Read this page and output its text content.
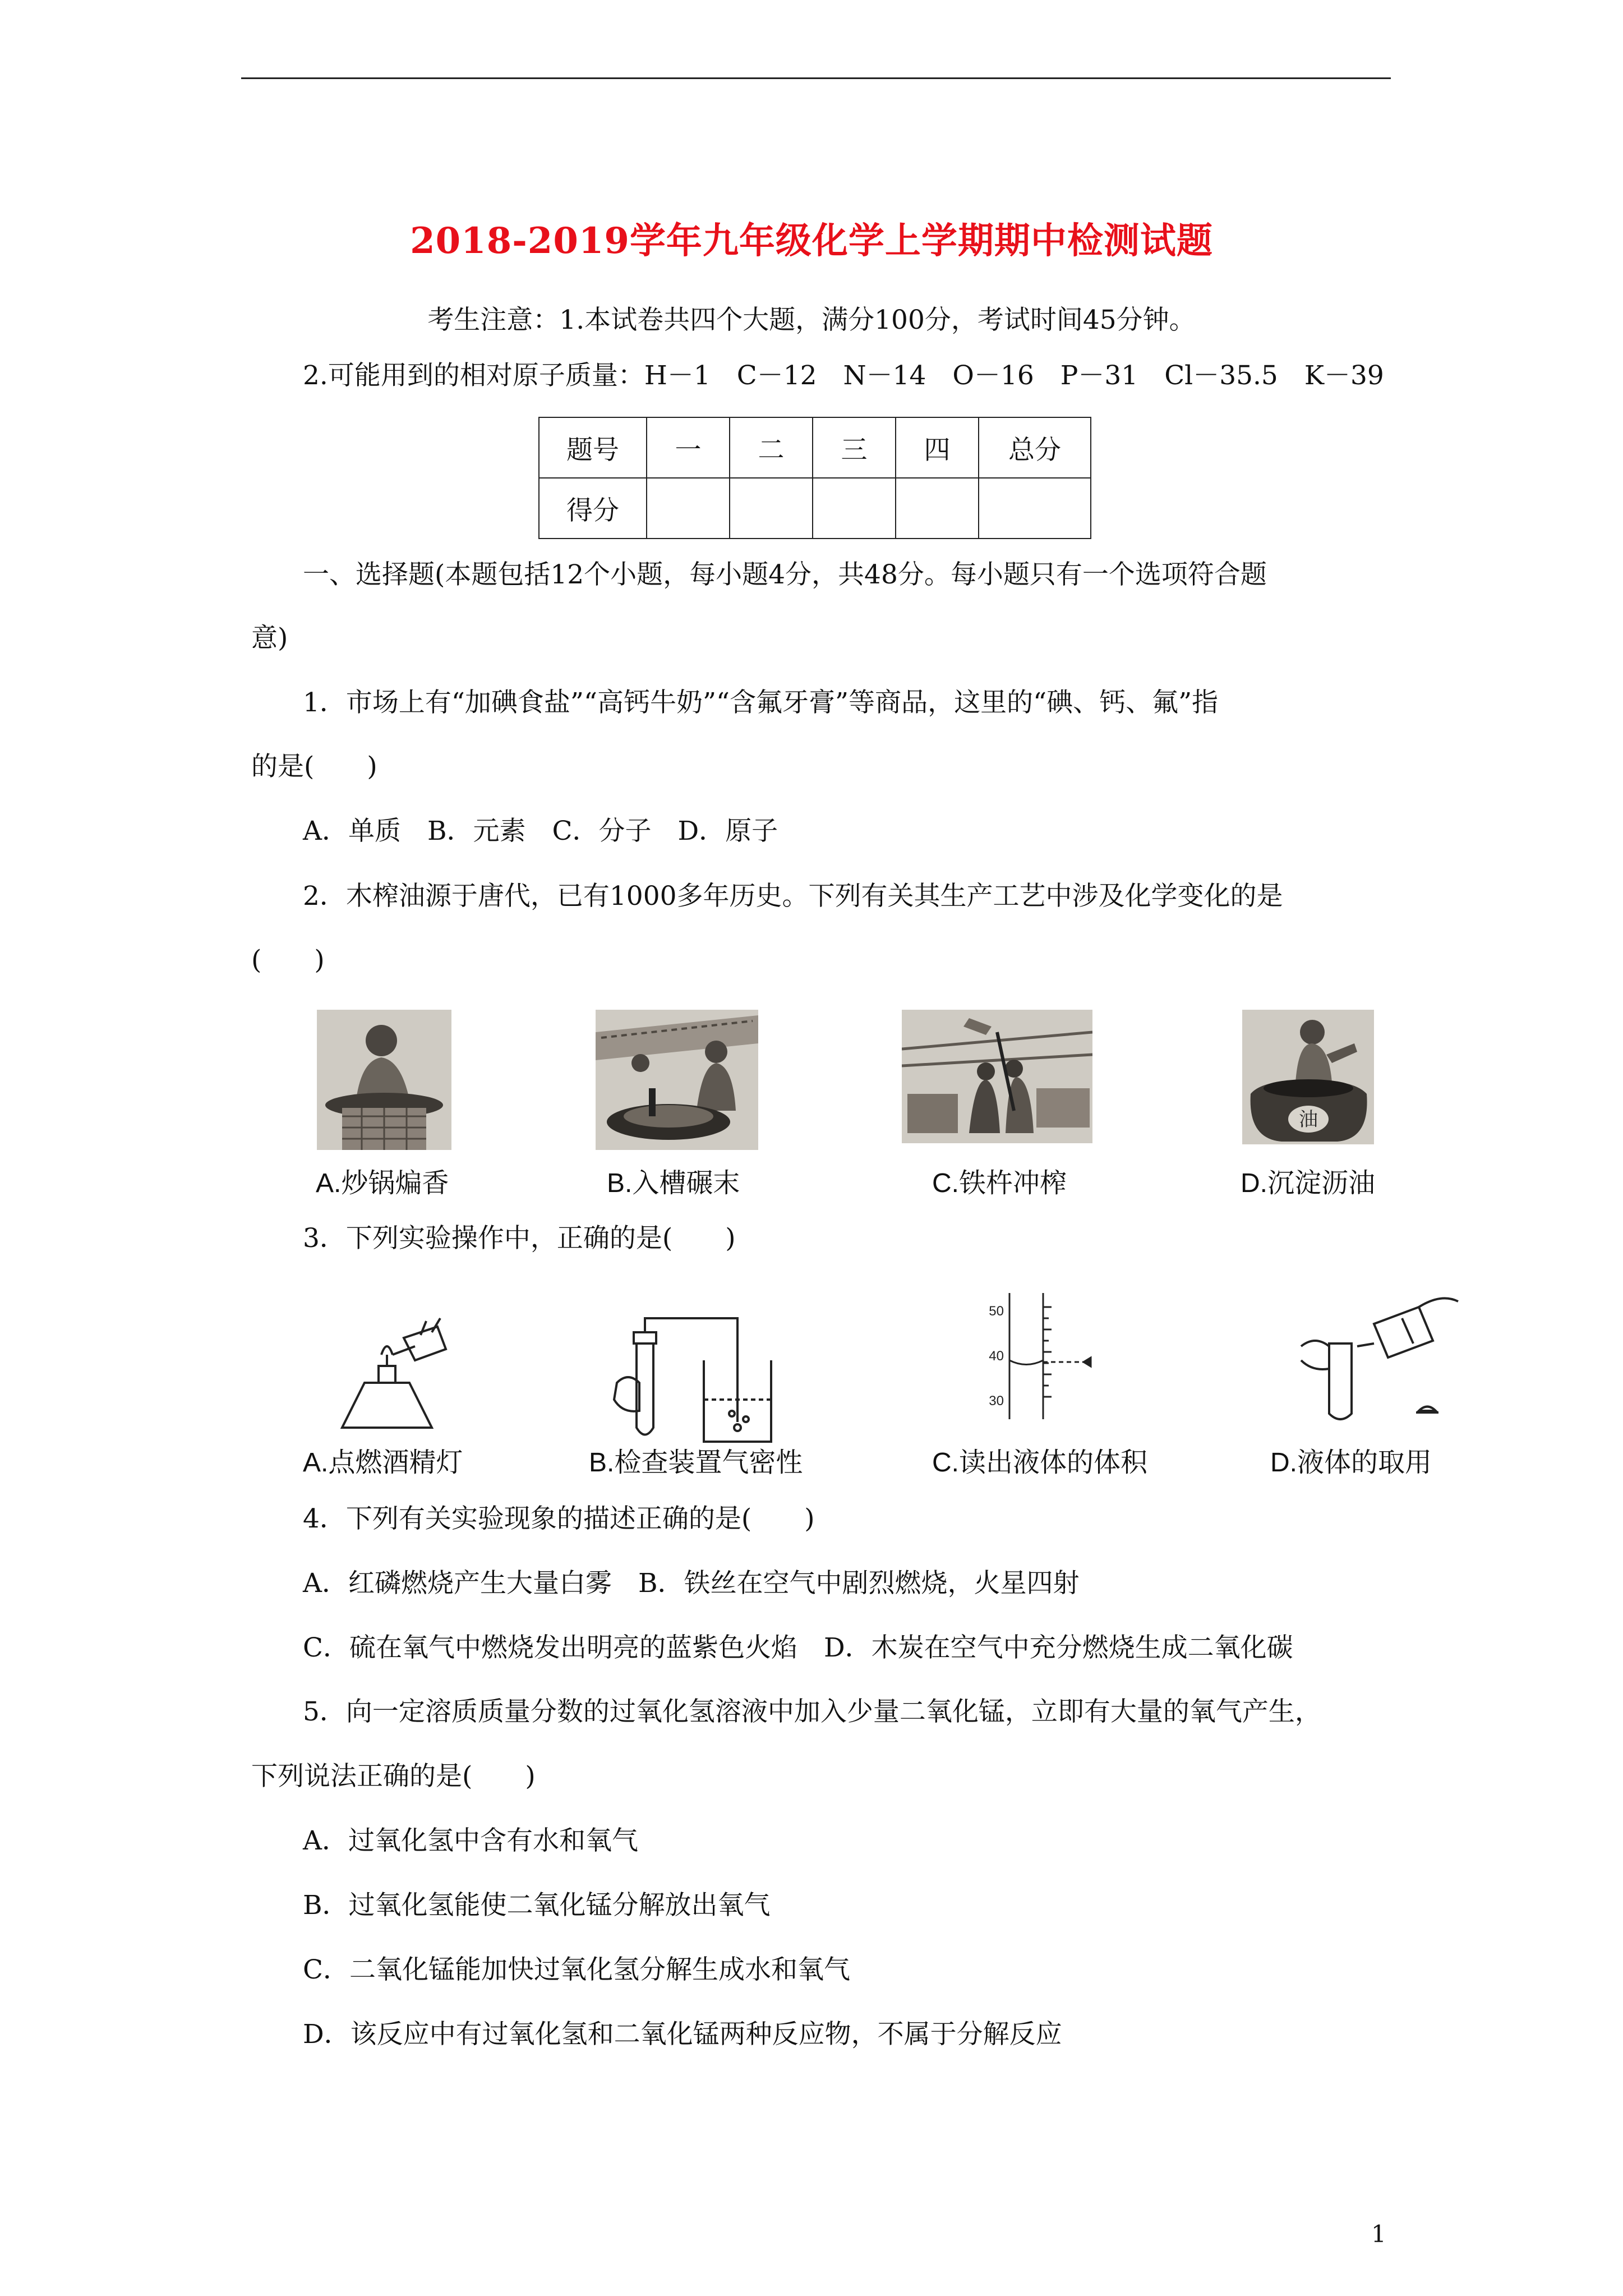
2018-2019学年九年级化学上学期期中检测试题
考生注意：1.本试卷共四个大题，满分100分，考试时间45分钟。
2.可能用到的相对原子质量：H－1　C－12　N－14　O－16　P－31　Cl－35.5　K－39
题号	一	二	三	四	总分
得分					
一、选择题(本题包括12个小题，每小题4分，共48分。每小题只有一个选项符合题
意)
1．市场上有“加碘食盐”“高钙牛奶”“含氟牙膏”等商品，这里的“碘、钙、氟”指
的是(　　)
A．单质　B．元素　C．分子　D．原子
2．木榨油源于唐代，已有1000多年历史。下列有关其生产工艺中涉及化学变化的是
(　　)
油
A.炒锅煸香	B.入槽碾末	C.铁杵冲榨	D.沉淀沥油
3．下列实验操作中，正确的是(　　)
50
40
30
A.点燃酒精灯	B.检查装置气密性	C.读出液体的体积	D.液体的取用
4．下列有关实验现象的描述正确的是(　　)
A．红磷燃烧产生大量白雾　B．铁丝在空气中剧烈燃烧，火星四射
C．硫在氧气中燃烧发出明亮的蓝紫色火焰　D．木炭在空气中充分燃烧生成二氧化碳
5．向一定溶质质量分数的过氧化氢溶液中加入少量二氧化锰，立即有大量的氧气产生，
下列说法正确的是(　　)
A．过氧化氢中含有水和氧气
B．过氧化氢能使二氧化锰分解放出氧气
C．二氧化锰能加快过氧化氢分解生成水和氧气
D．该反应中有过氧化氢和二氧化锰两种反应物，不属于分解反应
1
